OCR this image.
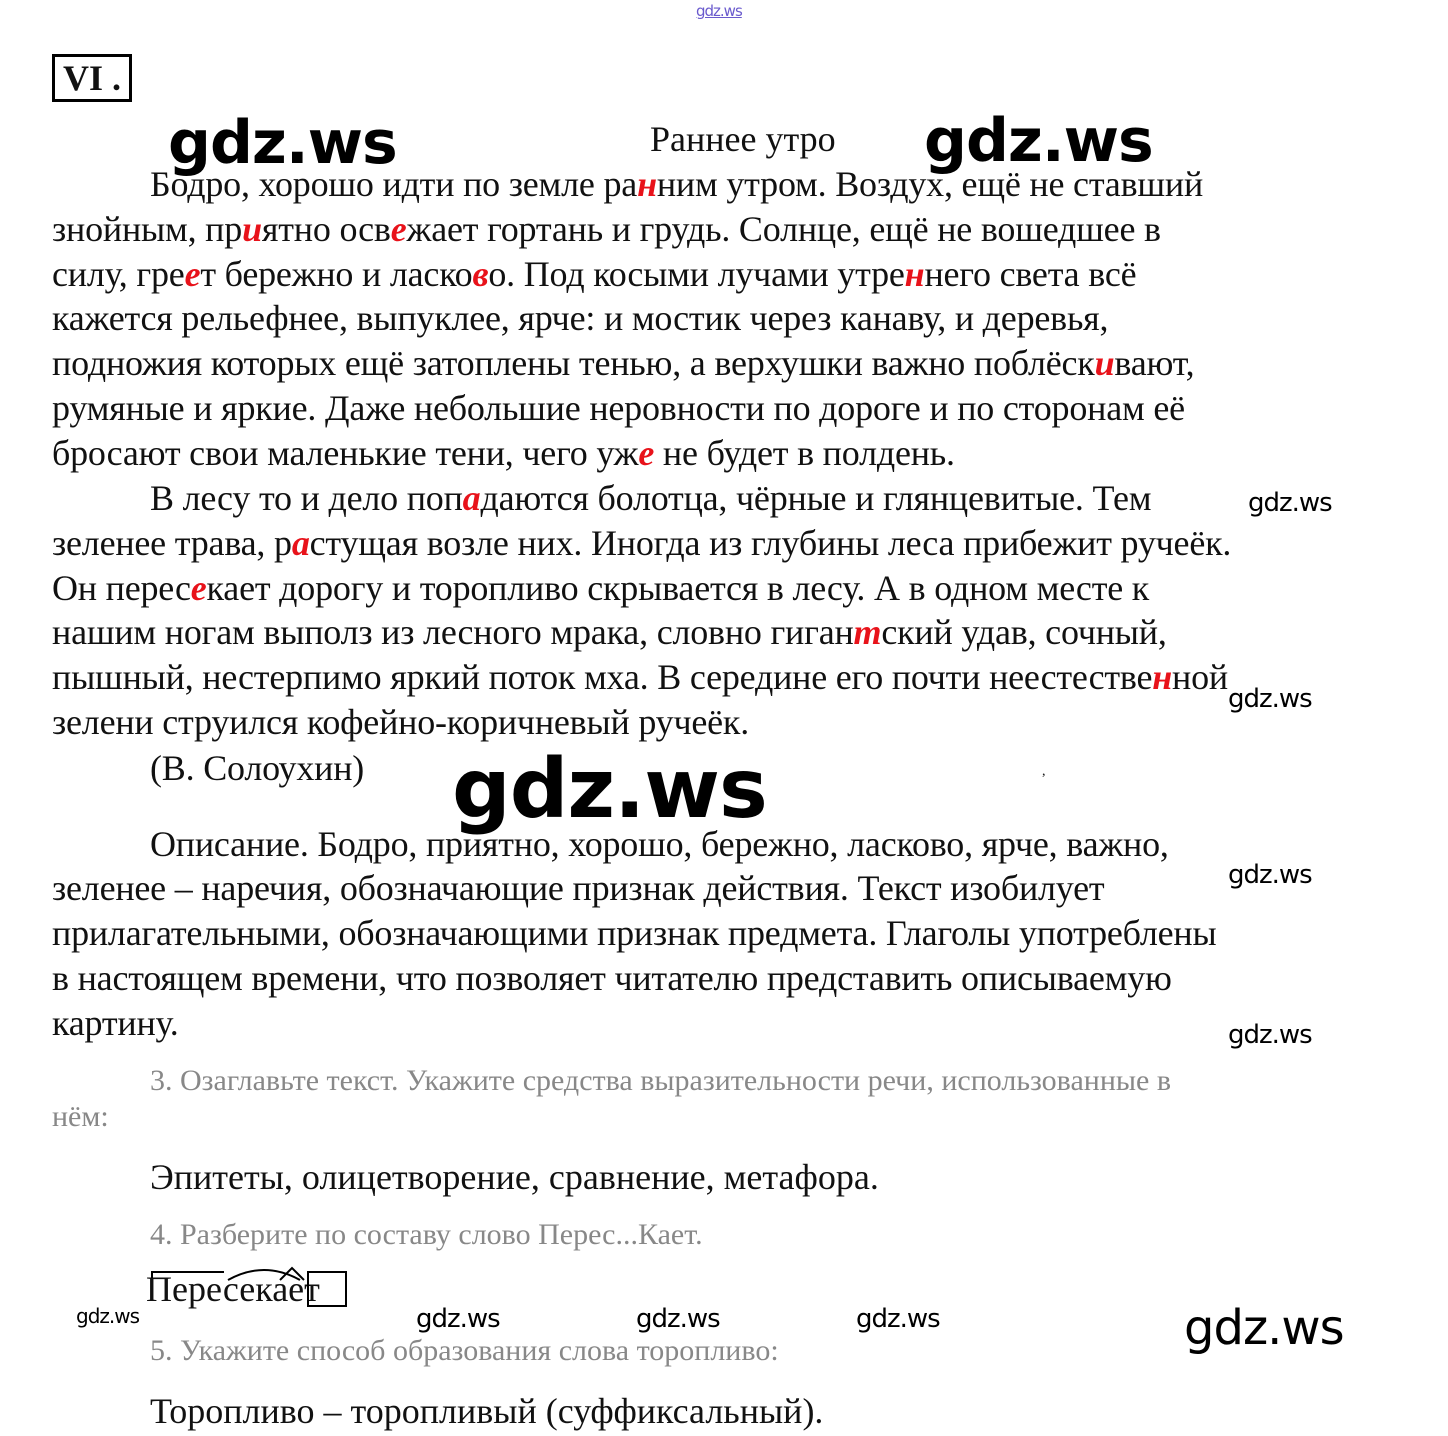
gdz.ws
gdz.ws	gdz.ws
gdz.ws
gdz.ws
gdz.ws
gdz.ws
gdz.ws
gdz.ws	gdz.ws	gdz.ws	gdz.ws	gdz.ws
VI .
Раннее утро
Бодро, хорошо идти по земле ранним утром. Воздух, ещё не ставший
знойным, приятно освежает гортань и грудь. Солнце, ещё не вошедшее в
силу, греет бережно и ласково. Под косыми лучами утреннего света всё
кажется рельефнее, выпуклее, ярче: и мостик через канаву, и деревья,
подножия которых ещё затоплены тенью, а верхушки важно поблёскивают,
румяные и яркие. Даже небольшие неровности по дороге и по сторонам её
бросают свои маленькие тени, чего уже не будет в полдень.
В лесу то и дело попадаются болотца, чёрные и глянцевитые. Тем
зеленее трава, растущая возле них. Иногда из глубины леса прибежит ручеёк.
Он пересекает дорогу и торопливо скрывается в лесу. А в одном месте к
нашим ногам выполз из лесного мрака, словно гигантский удав, сочный,
пышный, нестерпимо яркий поток мха. В середине его почти неестественной
зелени струился кофейно-коричневый ручеёк.
(В. Солоухин)	,
Описание. Бодро, приятно, хорошо, бережно, ласково, ярче, важно,
зеленее – наречия, обозначающие признак действия. Текст изобилует
прилагательными, обозначающими признак предмета. Глаголы употреблены
в настоящем времени, что позволяет читателю представить описываемую
картину.
3. Озаглавьте текст. Укажите средства выразительности речи, использованные в
нём:
Эпитеты, олицетворение, сравнение, метафора.
4. Разберите по составу слово Перес...Кает.
Пересекает
5. Укажите способ образования слова торопливо:
Торопливо – торопливый (суффиксальный).
